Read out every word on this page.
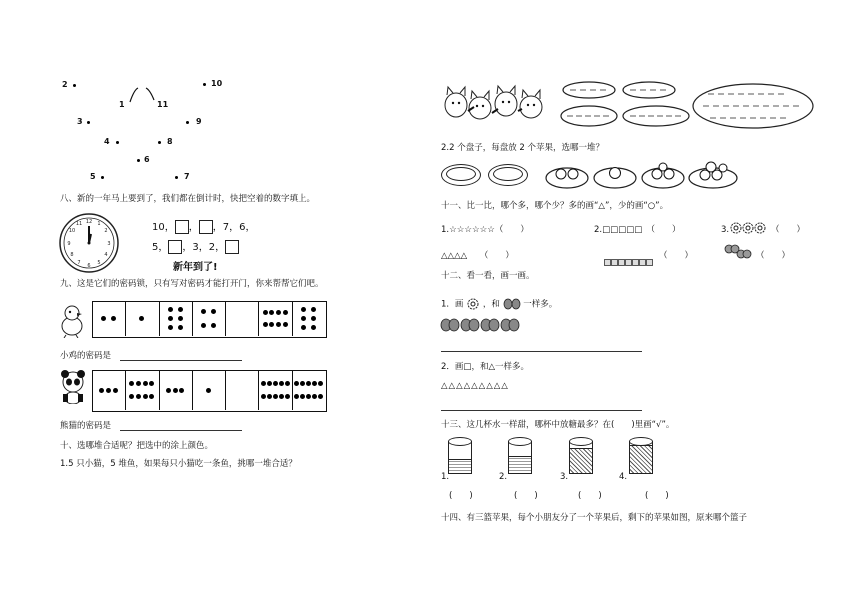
2
1	11
10
3	9
4	8
6
5	7
八、新的一年马上要到了，我们都在倒计时，快把空着的数字填上。
12 1
2
3
4
5
6
7
8
9
10
11	10， ， ，7，6，
5， ，3，2，
新年到了!
九、这是它们的密码锁，只有写对密码才能打开门，你来帮帮它们吧。
小鸡的密码是
熊猫的密码是
十、选哪堆合适呢？把选中的涂上颜色。
1.5 只小猫，5 堆鱼，如果每只小猫吃一条鱼，挑哪一堆合适？
2.2 个盘子，每盘放 2 个苹果，选哪一堆？
十一、比一比，哪个多，哪个少？多的画“△”，少的画“○”。
1.☆☆☆☆☆☆（　　）
△△△△　　（　　）
2.□□□□□　（　　）
（　　）
3.	（　　）
（　　）
十二、看一看，画一画。
1．画 ，和	一样多。
2．画□，和△一样多。
△△△△△△△△△
十三、这几杯水一样甜，哪杯中放糖最多？在(　　)里画“√”。
1.	2.	3.	4.
(　　)	(　　)	(　　)	(　　)
十四、有三篮苹果，每个小朋友分了一个苹果后，剩下的苹果如图，原来哪个篮子
